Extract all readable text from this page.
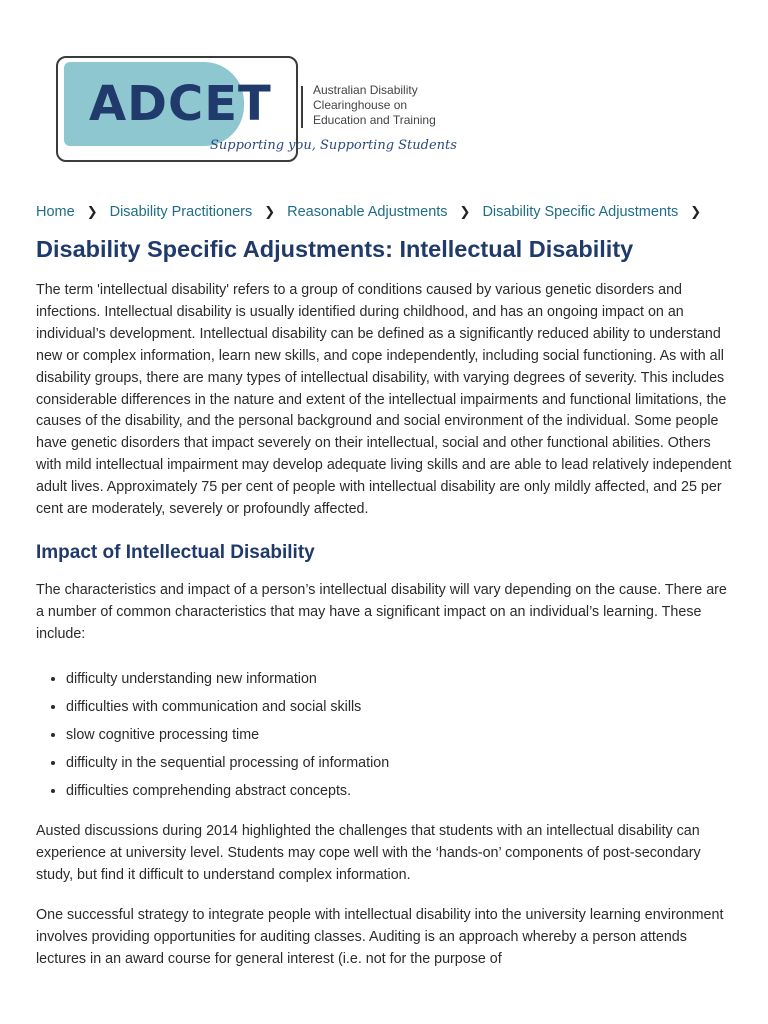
ADCET	Australian Disability
Clearinghouse on
Education and Training
Supporting you, Supporting Students
Home ❯ Disability Practitioners ❯ Reasonable Adjustments ❯ Disability Specific Adjustments ❯
Disability Specific Adjustments: Intellectual Disability

The term 'intellectual disability' refers to a group of conditions caused by various genetic disorders and infections. Intellectual disability is usually identified during childhood, and has an ongoing impact on an individual’s development. Intellectual disability can be defined as a significantly reduced ability to understand new or complex information, learn new skills, and cope independently, including social functioning. As with all disability groups, there are many types of intellectual disability, with varying degrees of severity. This includes considerable differences in the nature and extent of the intellectual impairments and functional limitations, the causes of the disability, and the personal background and social environment of the individual. Some people have genetic disorders that impact severely on their intellectual, social and other functional abilities. Others with mild intellectual impairment may develop adequate living skills and are able to lead relatively independent adult lives. Approximately 75 per cent of people with intellectual disability are only mildly affected, and 25 per cent are moderately, severely or profoundly affected.

Impact of Intellectual Disability

The characteristics and impact of a person’s intellectual disability will vary depending on the cause. There are a number of common characteristics that may have a significant impact on an individual’s learning. These include:

• difficulty understanding new information
• difficulties with communication and social skills
• slow cognitive processing time
• difficulty in the sequential processing of information
• difficulties comprehending abstract concepts.

Austed discussions during 2014 highlighted the challenges that students with an intellectual disability can experience at university level. Students may cope well with the ‘hands-on’ components of post-secondary study, but find it difficult to understand complex information.

One successful strategy to integrate people with intellectual disability into the university learning environment involves providing opportunities for auditing classes. Auditing is an approach whereby a person attends lectures in an award course for general interest (i.e. not for the purpose of
